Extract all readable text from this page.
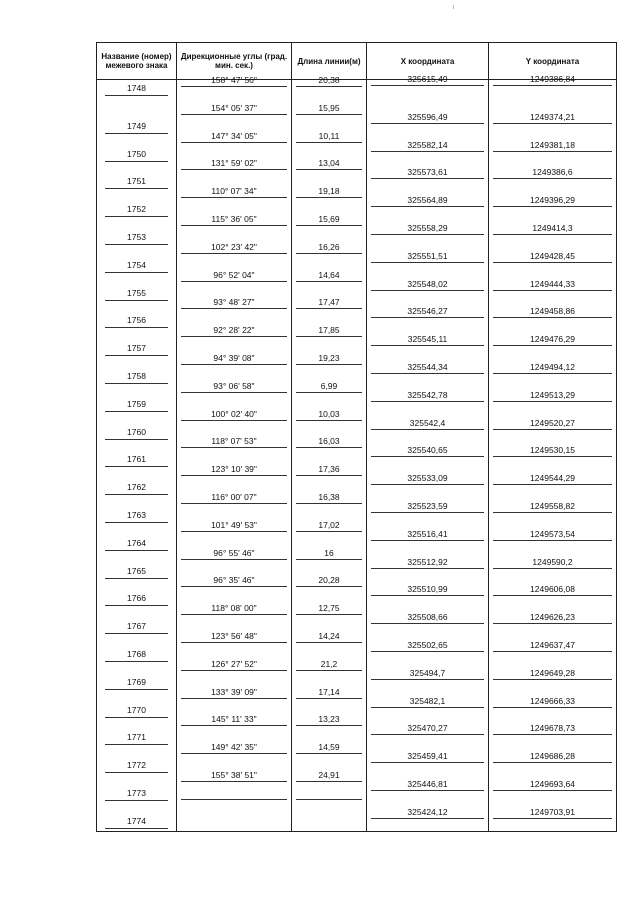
Название (номер) межевого знака	Дирекционные углы (град. мин. сек.)	Длина линии(м)	X координата	Y координата

1748	158° 47' 56"	20,38	325615,49	1249386,84

1749	154° 05' 37"	15,95	325596,49	1249374,21

1750	147° 34' 05"	10,11	325582,14	1249381,18

1751	131° 59' 02"	13,04	325573,61	1249386,6

1752	110° 07' 34"	19,18	325564,89	1249396,29

1753	115° 36' 05"	15,69	325558,29	1249414,3

1754	102° 23' 42"	16,26	325551,51	1249428,45

1755	96° 52' 04"	14,64	325548,02	1249444,33

1756	93° 48' 27"	17,47	325546,27	1249458,86

1757	92° 28' 22"	17,85	325545,11	1249476,29

1758	94° 39' 08"	19,23	325544,34	1249494,12

1759	93° 06' 58"	6,99	325542,78	1249513,29

1760	100° 02' 40"	10,03	325542,4	1249520,27

1761	118° 07' 53"	16,03	325540,65	1249530,15

1762	123° 10' 39"	17,36	325533,09	1249544,29

1763	116° 00' 07"	16,38	325523,59	1249558,82

1764	101° 49' 53"	17,02	325516,41	1249573,54

1765	96° 55' 46"	16	325512,92	1249590,2

1766	96° 35' 46"	20,28	325510,99	1249606,08

1767	118° 08' 00"	12,75	325508,66	1249626,23

1768	123° 56' 48"	14,24	325502,65	1249637,47

1769	126° 27' 52"	21,2	325494,7	1249649,28

1770	133° 39' 09"	17,14	325482,1	1249666,33

1771	145° 11' 33"	13,23	325470,27	1249678,73

1772	149° 42' 35"	14,59	325459,41	1249686,28

1773	155° 38' 51"	24,91	325446,81	1249693,64

1774			325424,12	1249703,91
